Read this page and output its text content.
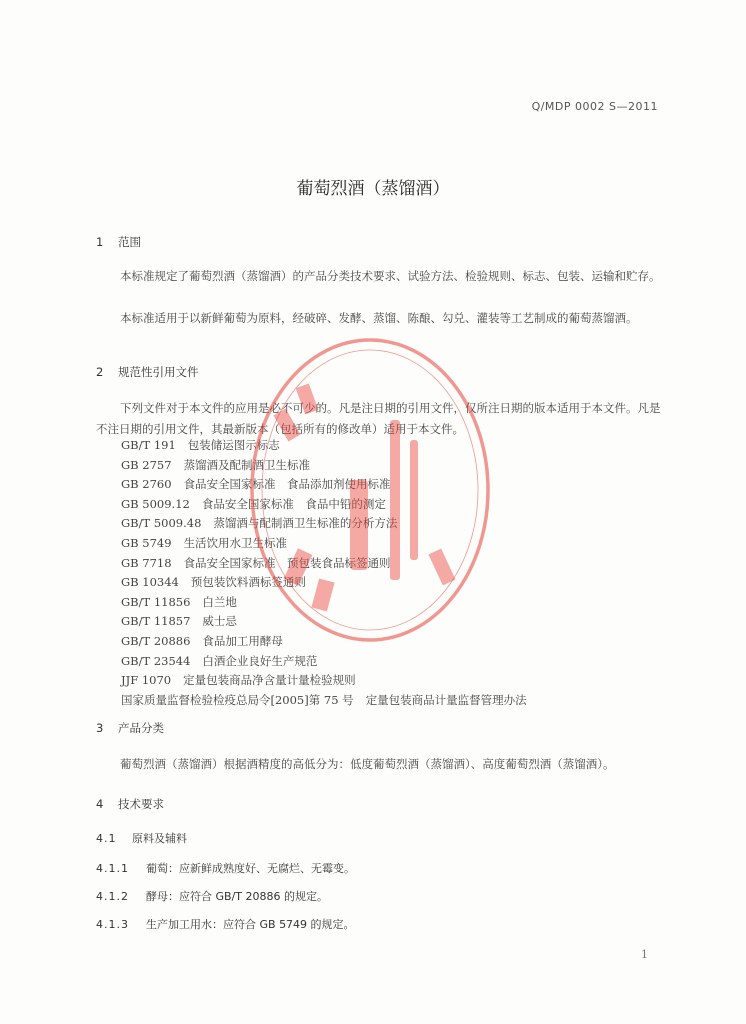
Q/MDP 0002 S—2011
葡萄烈酒（蒸馏酒）
1 范围
本标准规定了葡萄烈酒（蒸馏酒）的产品分类技术要求、试验方法、检验规则、标志、包装、运输和贮存。
本标准适用于以新鲜葡萄为原料，经破碎、发酵、蒸馏、陈酿、勾兑、灌装等工艺制成的葡萄蒸馏酒。
2 规范性引用文件
下列文件对于本文件的应用是必不可少的。凡是注日期的引用文件，仅所注日期的版本适用于本文件。凡是不注日期的引用文件，其最新版本（包括所有的修改单）适用于本文件。
GB/T 191 包装储运图示标志
GB 2757 蒸馏酒及配制酒卫生标准
GB 2760 食品安全国家标准　食品添加剂使用标准
GB 5009.12 食品安全国家标准　食品中铅的测定
GB/T 5009.48 蒸馏酒与配制酒卫生标准的分析方法
GB 5749 生活饮用水卫生标准
GB 7718 食品安全国家标准　预包装食品标签通则
GB 10344 预包装饮料酒标签通则
GB/T 11856 白兰地
GB/T 11857 威士忌
GB/T 20886 食品加工用酵母
GB/T 23544 白酒企业良好生产规范
JJF 1070 定量包装商品净含量计量检验规则
国家质量监督检验检疫总局令[2005]第 75 号 定量包装商品计量监督管理办法
3 产品分类
葡萄烈酒（蒸馏酒）根据酒精度的高低分为：低度葡萄烈酒（蒸馏酒）、高度葡萄烈酒（蒸馏酒）。
4 技术要求
4.1 原料及辅料
4.1.1 葡萄：应新鲜成熟度好、无腐烂、无霉变。
4.1.2 酵母：应符合 GB/T 20886 的规定。
4.1.3 生产加工用水：应符合 GB 5749 的规定。
1
